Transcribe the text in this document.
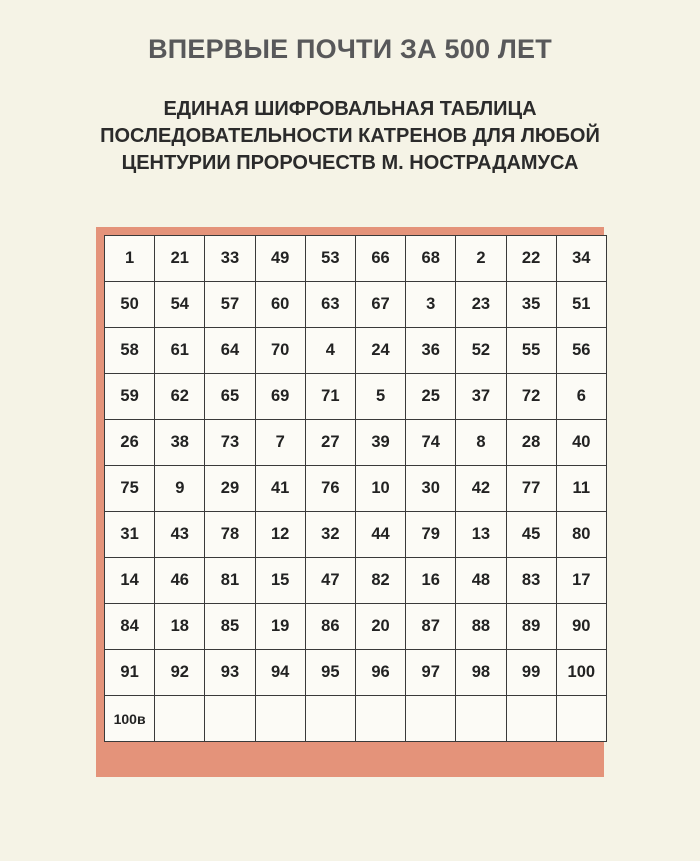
ВПЕРВЫЕ ПОЧТИ ЗА 500 ЛЕТ
ЕДИНАЯ ШИФРОВАЛЬНАЯ ТАБЛИЦА
ПОСЛЕДОВАТЕЛЬНОСТИ КАТРЕНОВ ДЛЯ ЛЮБОЙ
ЦЕНТУРИИ ПРОРОЧЕСТВ М. НОСТРАДАМУСА
1	21	33	49	53	66	68	2	22	34
50	54	57	60	63	67	3	23	35	51
58	61	64	70	4	24	36	52	55	56
59	62	65	69	71	5	25	37	72	6
26	38	73	7	27	39	74	8	28	40
75	9	29	41	76	10	30	42	77	11
31	43	78	12	32	44	79	13	45	80
14	46	81	15	47	82	16	48	83	17
84	18	85	19	86	20	87	88	89	90
91	92	93	94	95	96	97	98	99	100
100в									
